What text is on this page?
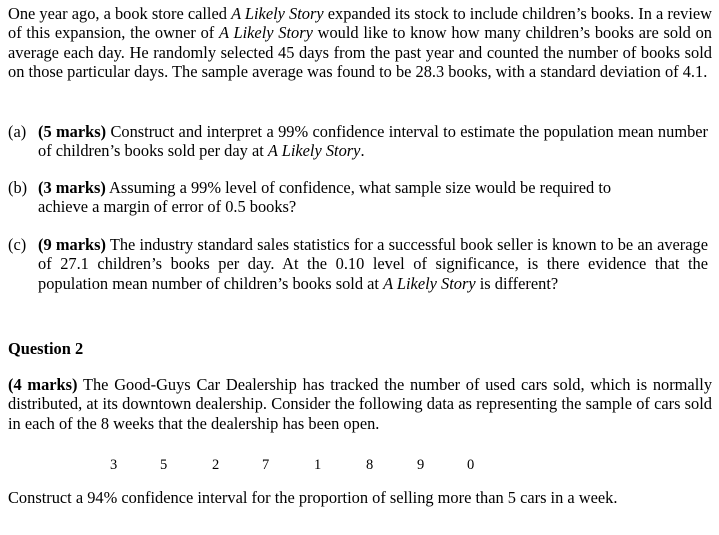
One year ago, a book store called A Likely Story expanded its stock to include children’s books. In a review of this expansion, the owner of A Likely Story would like to know how many children’s books are sold on average each day. He randomly selected 45 days from the past year and counted the number of books sold on those particular days. The sample average was found to be 28.3 books, with a standard deviation of 4.1.
(a) (5 marks) Construct and interpret a 99% confidence interval to estimate the population mean number of children’s books sold per day at A Likely Story.
(b) (3 marks) Assuming a 99% level of confidence, what sample size would be required to achieve a margin of error of 0.5 books?
(c) (9 marks) The industry standard sales statistics for a successful book seller is known to be an average of 27.1 children’s books per day. At the 0.10 level of significance, is there evidence that the population mean number of children’s books sold at A Likely Story is different?
Question 2
(4 marks) The Good-Guys Car Dealership has tracked the number of used cars sold, which is normally distributed, at its downtown dealership. Consider the following data as representing the sample of cars sold in each of the 8 weeks that the dealership has been open.
3	5	2	7	1	8	9	0
Construct a 94% confidence interval for the proportion of selling more than 5 cars in a week.
